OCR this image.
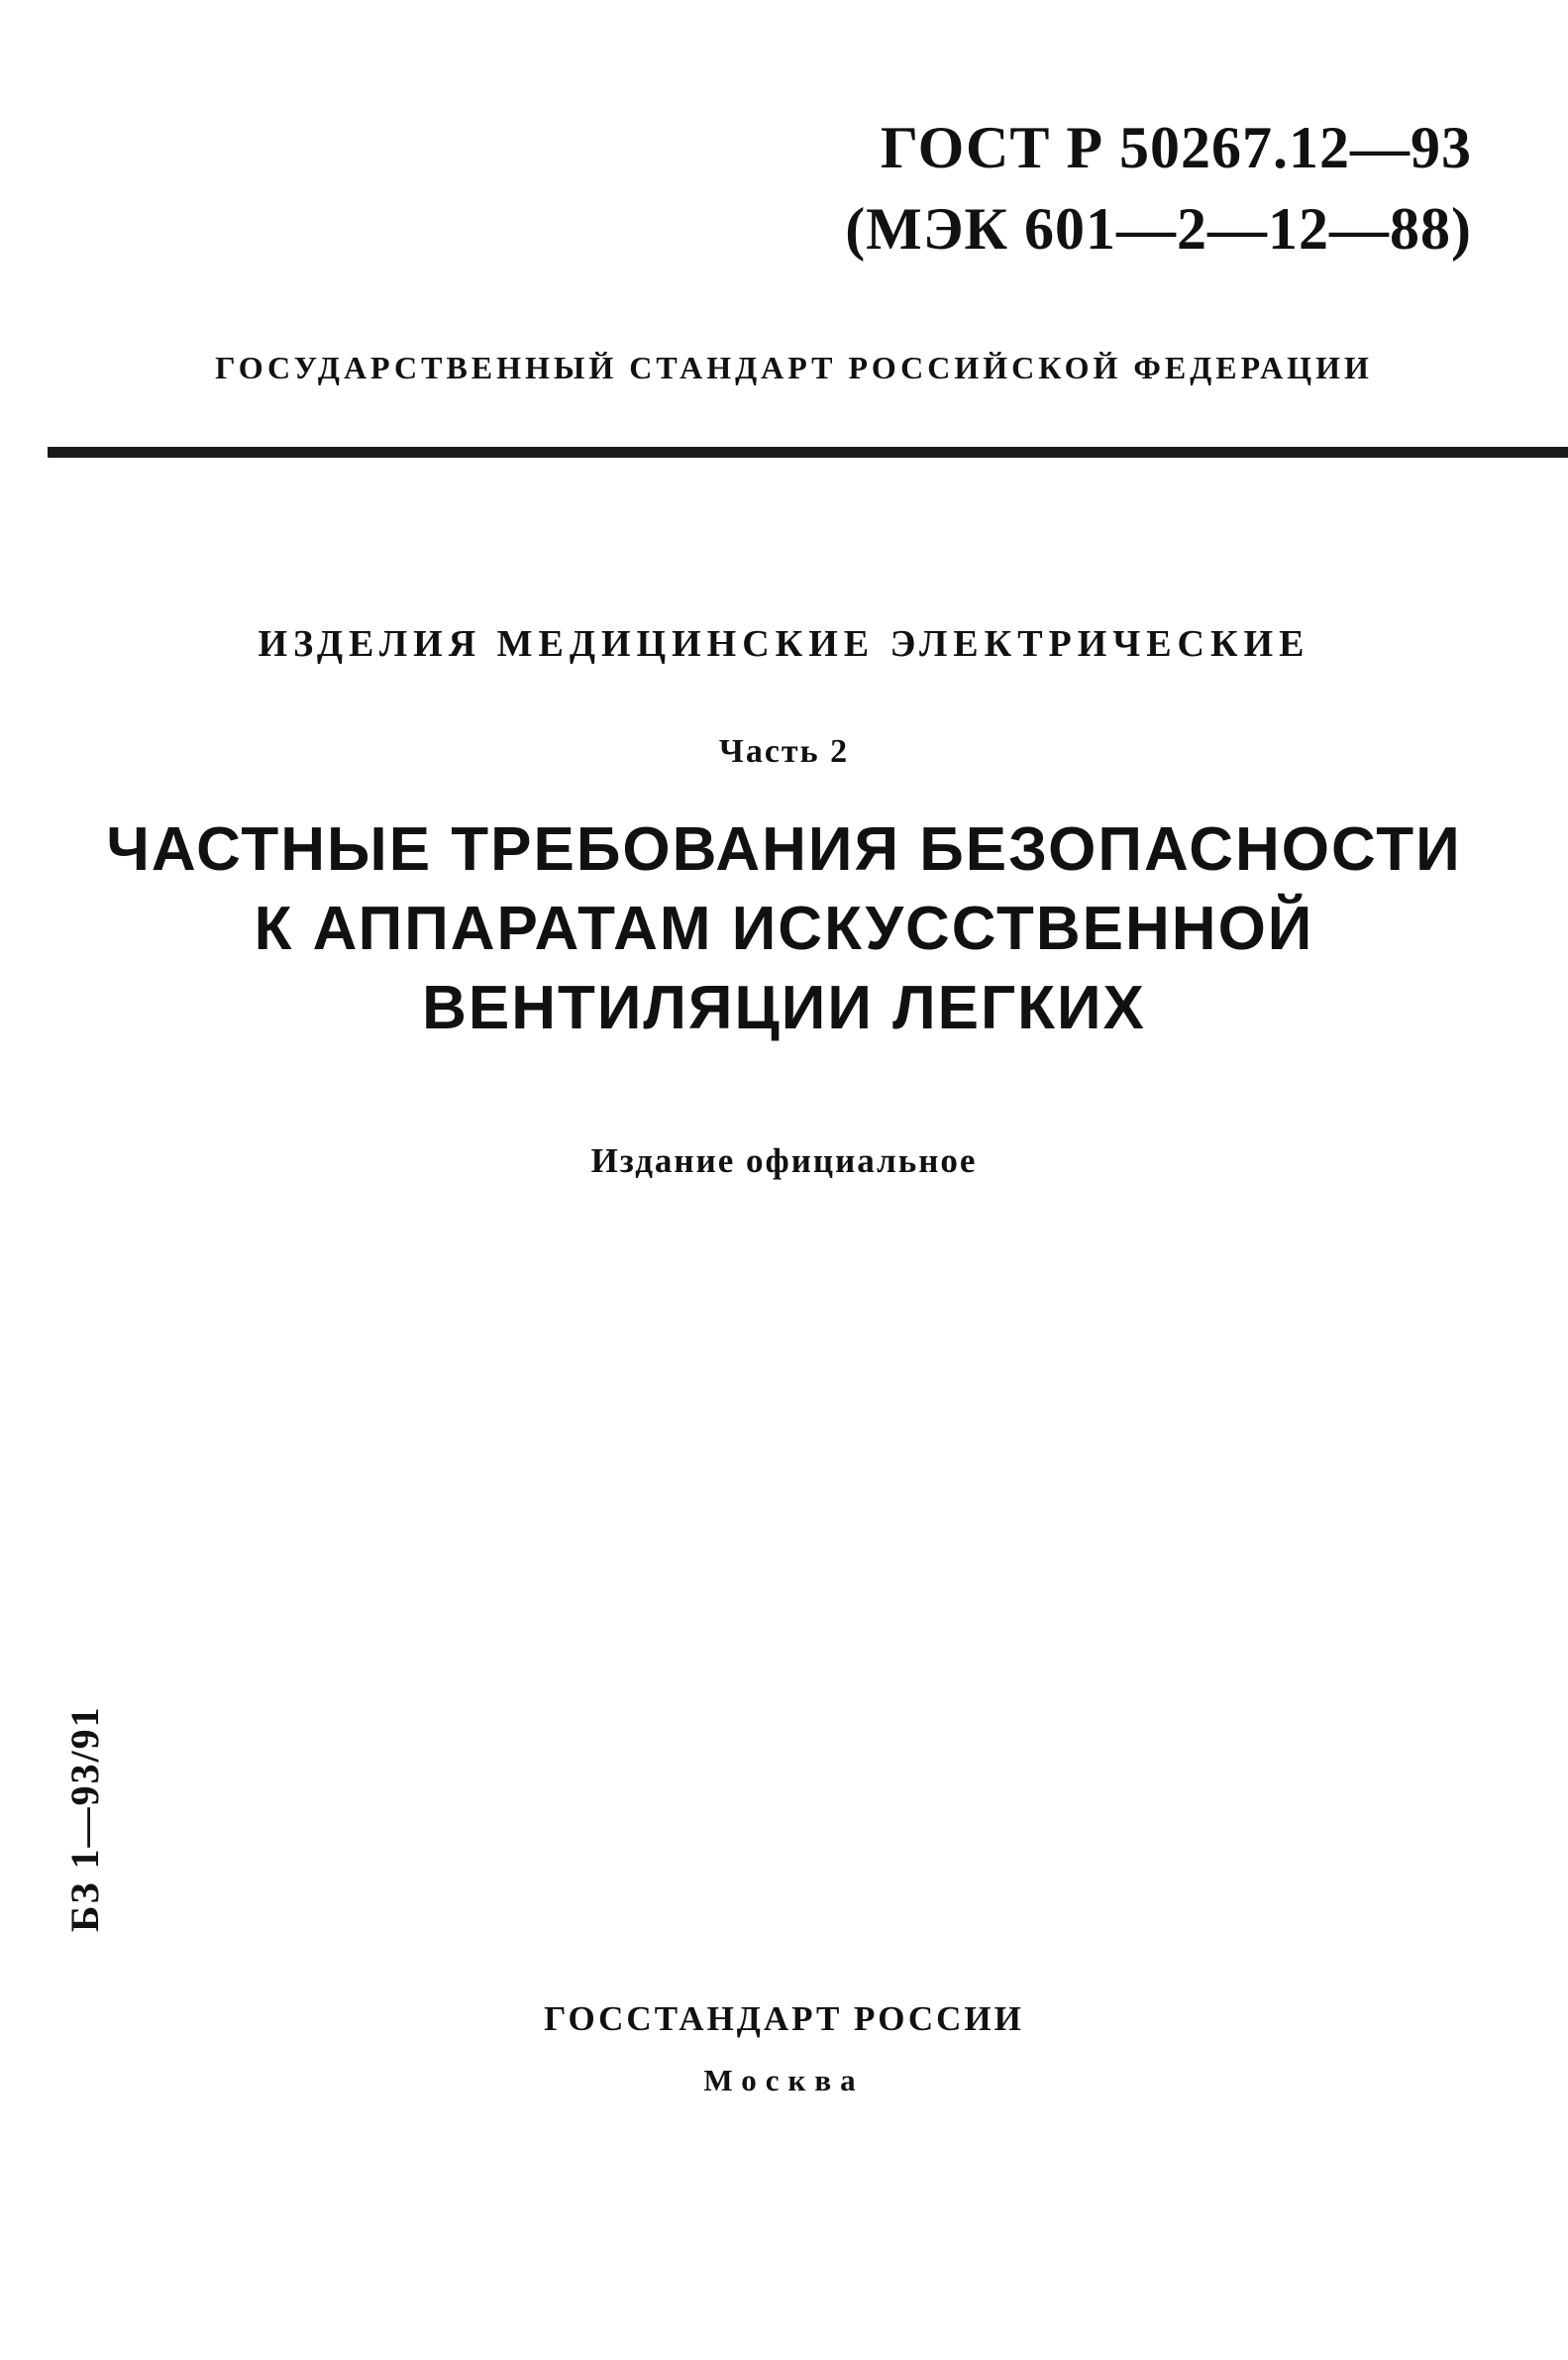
ГОСТ Р 50267.12—93
(МЭК 601—2—12—88)
ГОСУДАРСТВЕННЫЙ СТАНДАРТ РОССИЙСКОЙ ФЕДЕРАЦИИ
ИЗДЕЛИЯ МЕДИЦИНСКИЕ ЭЛЕКТРИЧЕСКИЕ
Часть 2
ЧАСТНЫЕ ТРЕБОВАНИЯ БЕЗОПАСНОСТИ
К АППАРАТАМ ИСКУССТВЕННОЙ
ВЕНТИЛЯЦИИ ЛЕГКИХ
Издание официальное
БЗ 1—93/91
ГОССТАНДАРТ РОССИИ
Москва
